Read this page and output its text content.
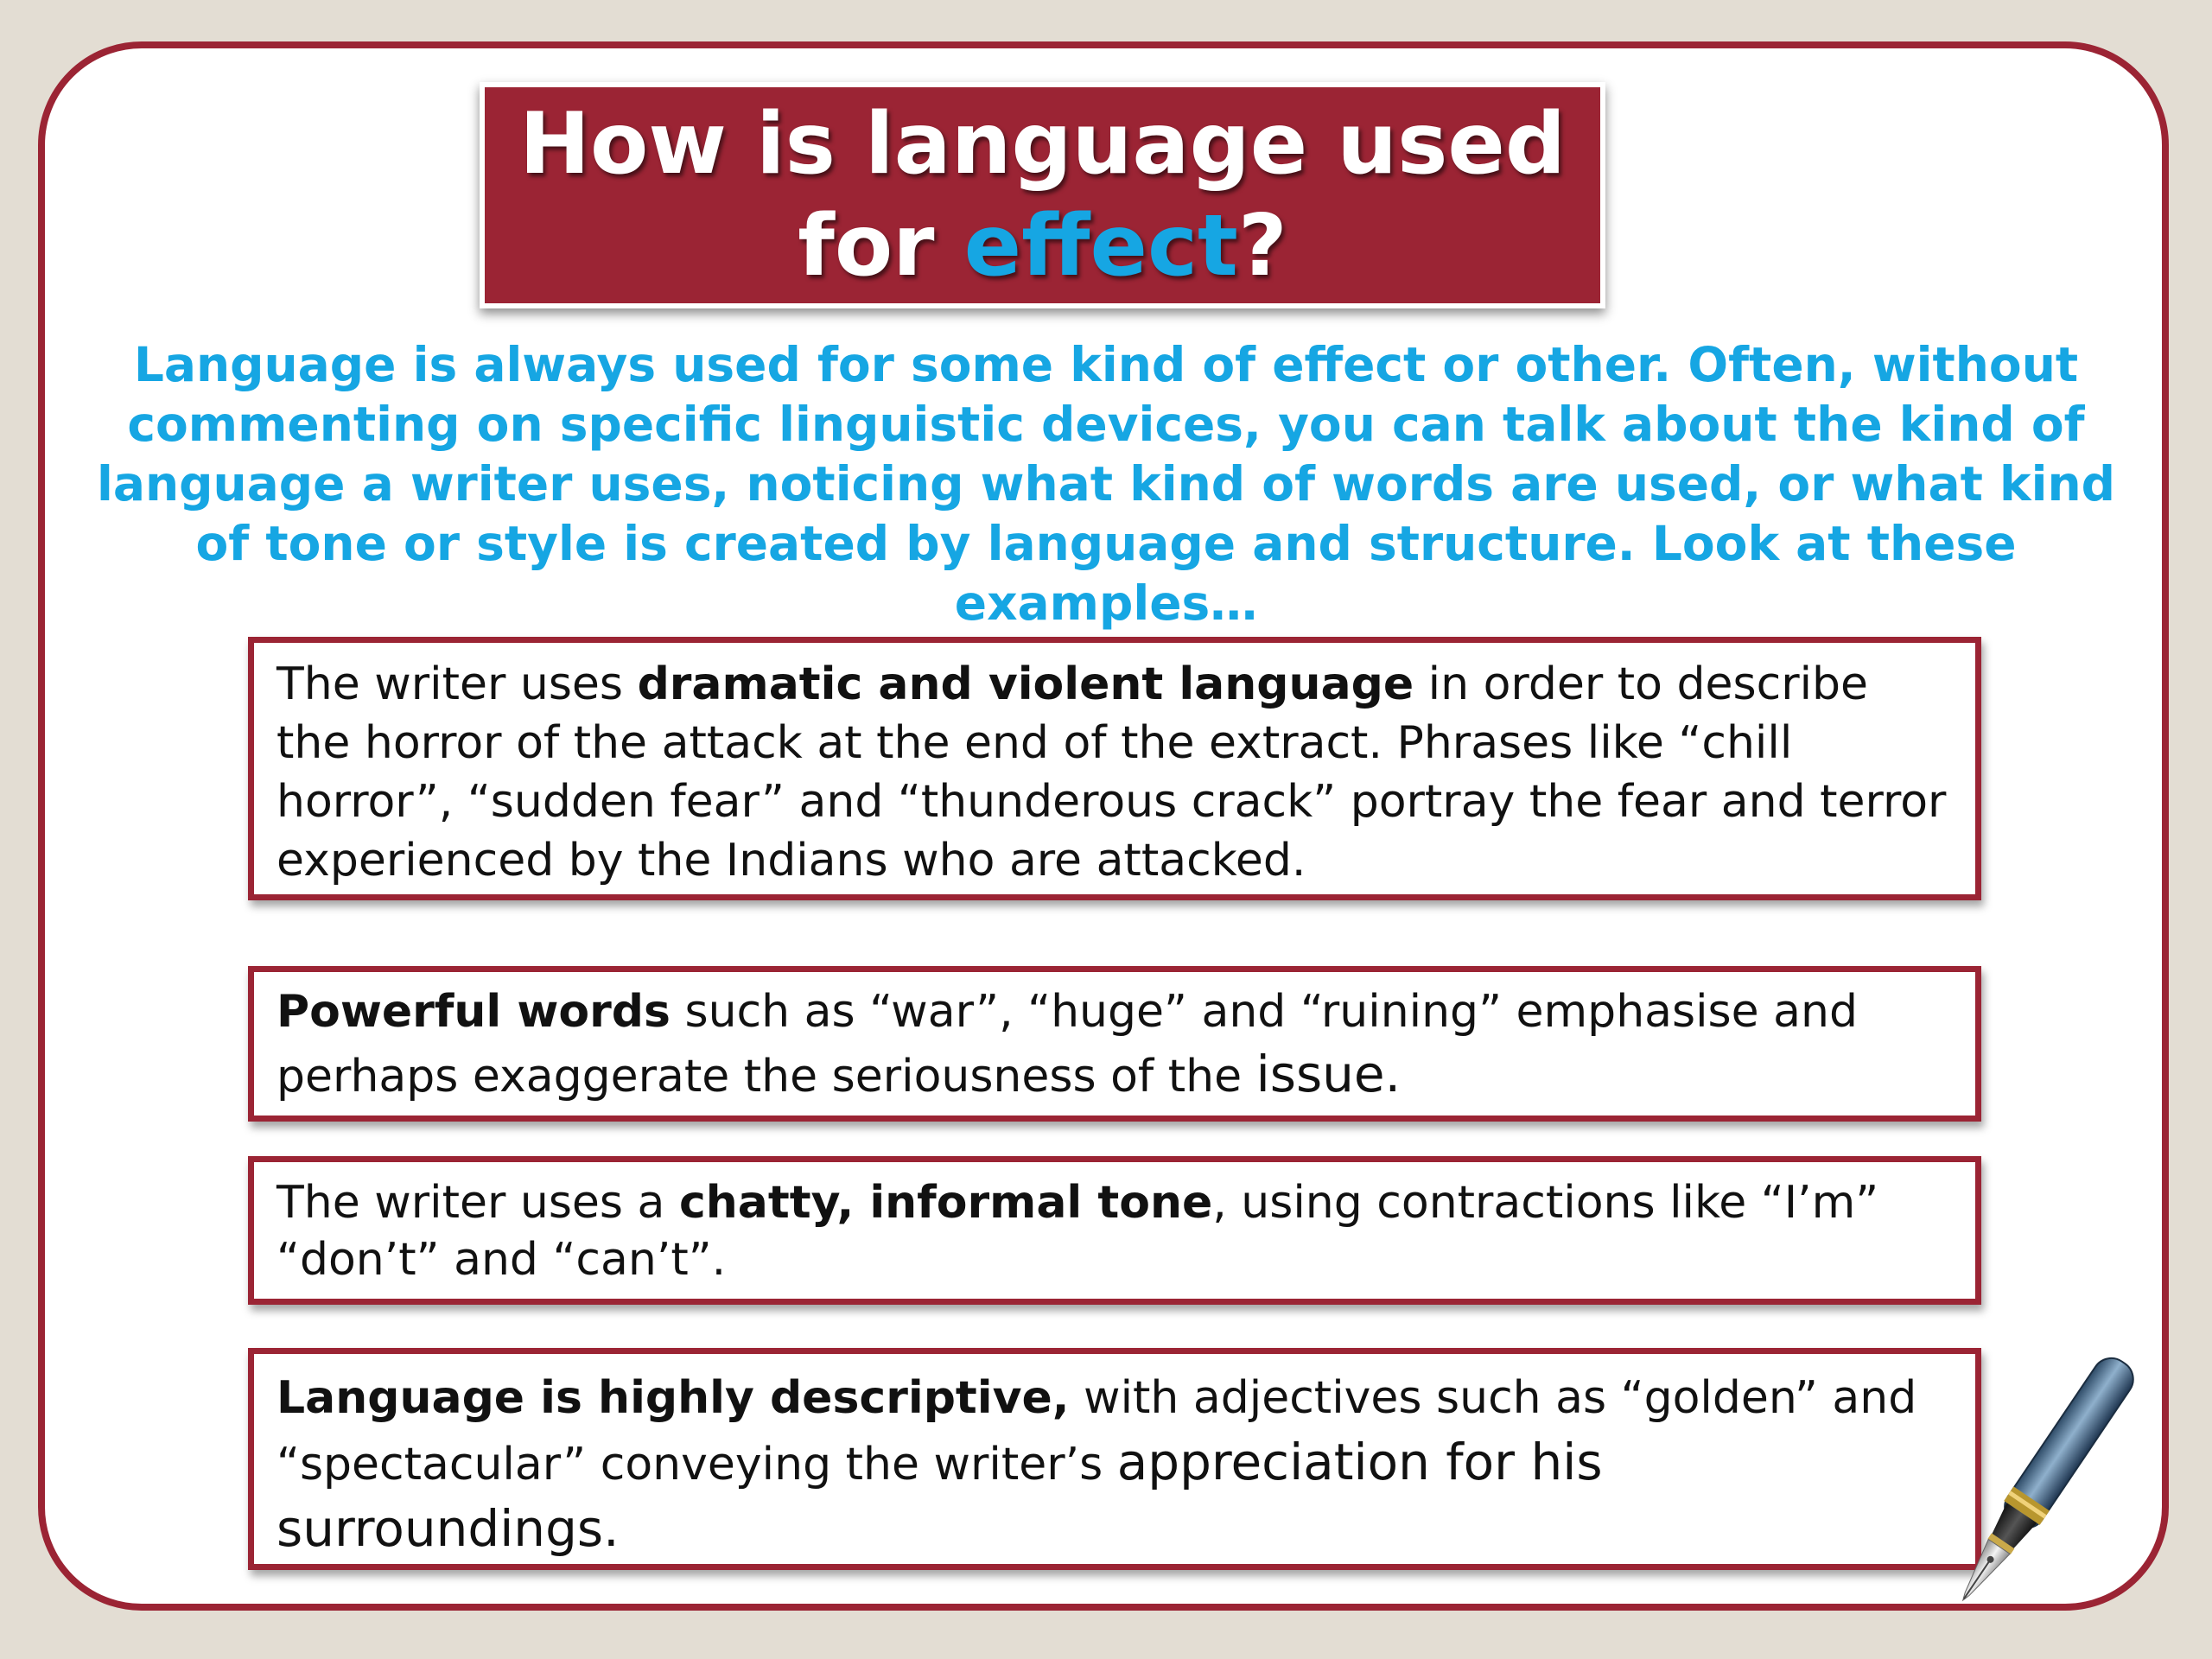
How is language used
for effect?

Language is always used for some kind of effect or other. Often, without commenting on specific linguistic devices, you can talk about the kind of language a writer uses, noticing what kind of words are used, or what kind of tone or style is created by language and structure. Look at these examples…

The writer uses dramatic and violent language in order to describe the horror of the attack at the end of the extract. Phrases like “chill horror”, “sudden fear” and “thunderous crack” portray the fear and terror experienced by the Indians who are attacked.

Powerful words such as “war”, “huge” and “ruining” emphasise and perhaps exaggerate the seriousness of the issue.

The writer uses a chatty, informal tone, using contractions like “I’m” “don’t” and “can’t”.

Language is highly descriptive, with adjectives such as “golden” and “spectacular” conveying the writer’s appreciation for his surroundings.
